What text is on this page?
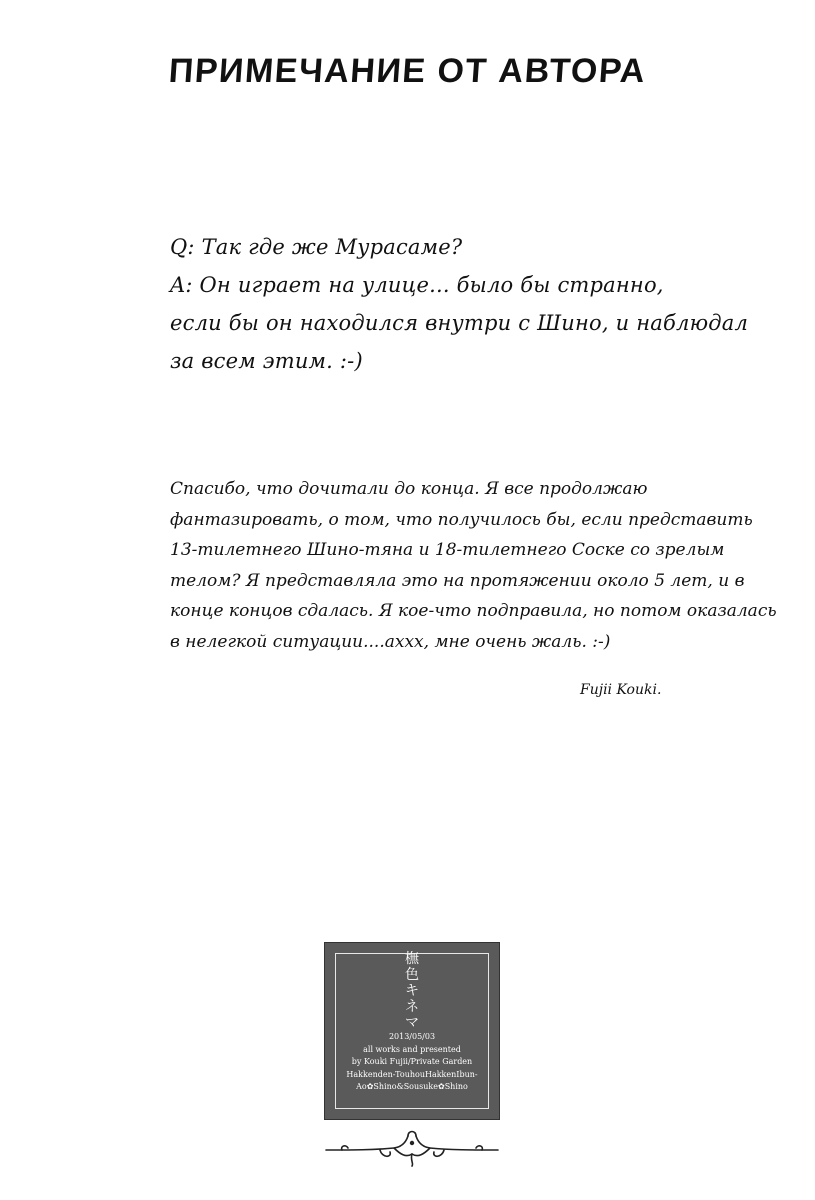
ПРИМЕЧАНИЕ ОТ АВТОРА
Q: Так где же Мурасаме?
A: Он играет на улице... было бы странно,
если бы он находился внутри с Шино, и наблюдал
за всем этим. :-)
Спасибо, что дочитали до конца. Я все продолжаю
фантазировать, о том, что получилось бы, если представить
13-тилетнего Шино-тяна и 18-тилетнего Соске со зрелым
телом? Я представляла это на протяжении около 5 лет, и в
конце концов сдалась. Я кое-что подправила, но потом оказалась
в нелегкой ситуации....ахxx, мне очень жаль. :-)
Fujii Kouki.
橅
色
キ
ネ
マ
2013/05/03
all works and presented
by Kouki Fujii/Private Garden
Hakkenden-TouhouHakkenIbun-
Ao✿Shino&Sousuke✿Shino
